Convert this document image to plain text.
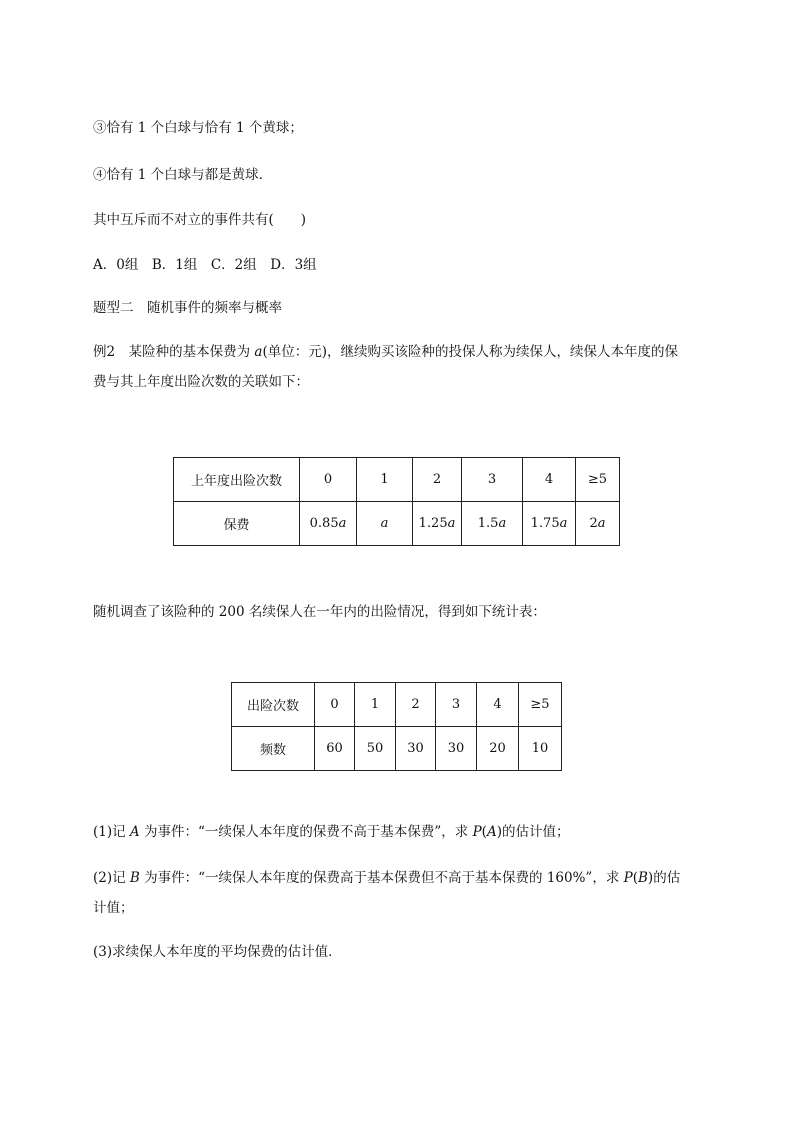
③恰有 1 个白球与恰有 1 个黄球；
④恰有 1 个白球与都是黄球．
其中互斥而不对立的事件共有(　　)
A．0组　B．1组　C．2组　D．3组
题型二　随机事件的频率与概率
例2　某险种的基本保费为 a(单位：元)，继续购买该险种的投保人称为续保人，续保人本年度的保
费与其上年度出险次数的关联如下：
上年度出险次数	0	1	2	3	4	≥5
保费	0.85a	a	1.25a	1.5a	1.75a	2a
随机调查了该险种的 200 名续保人在一年内的出险情况，得到如下统计表：
出险次数	0	1	2	3	4	≥5
频数	60	50	30	30	20	10
(1)记 A 为事件：“一续保人本年度的保费不高于基本保费”，求 P(A)的估计值；
(2)记 B 为事件：“一续保人本年度的保费高于基本保费但不高于基本保费的 160%”，求 P(B)的估
计值；
(3)求续保人本年度的平均保费的估计值．
